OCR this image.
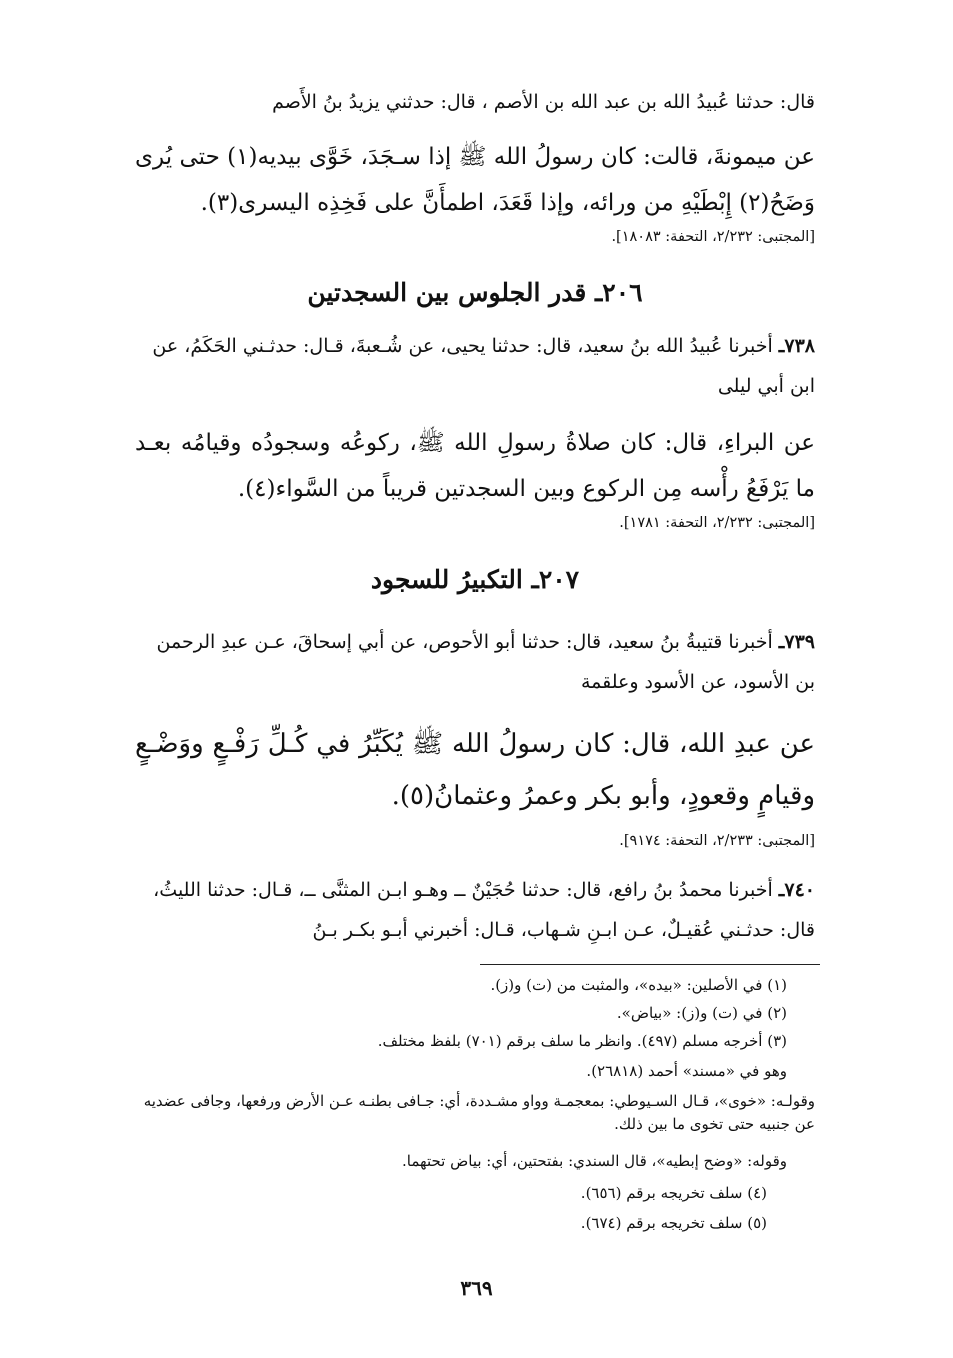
قال: حدثنا عُبيدُ الله بن عبد الله بن الأصم ، قال: حدثني يزيدُ بنُ الأَصم
عن ميمونةَ، قالت: كان رسولُ الله ﷺ إذا سـجَدَ، خَوَّى بيديه(١) حتى يُرى وَضَحُ(٢) إِبْطَيْهِ من ورائه، وإذا قَعَدَ، اطمأَنَّ على فَخِذِه اليسرى(٣).
[المجتبى: ٢/٢٣٢، التحفة: ١٨٠٨٣].
٢٠٦ـ قدر الجلوس بين السجدتين
٧٣٨ـ أخبرنا عُبيدُ الله بنُ سعيد، قال: حدثنا يحيى، عن شُـعبةَ، قـال: حدثـني الحَكَمُ، عن ابن أبي ليلى
عن البراءِ، قال: كان صلاةُ رسولِ الله ﷺ، ركوعُه وسجودُه وقيامُه بعـد ما يَرْفَعُ رأْسه مِن الركوع وبين السجدتين قريباً من السَّواء(٤).
[المجتبى: ٢/٢٣٢، التحفة: ١٧٨١].
٢٠٧ـ التكبيرُ للسجود
٧٣٩ـ أخبرنا قتيبةُ بنُ سعيد، قال: حدثنا أبو الأحوص، عن أبي إسحاقَ، عـن عبدِ الرحمن بن الأسود، عن الأسود وعلقمة
عن عبدِ الله، قال: كان رسولُ الله ﷺ يُكَبِّرُ في كُـلِّ رَفْـعٍ ووَضْـعٍ وقيامٍ وقعودٍ، وأبو بكر وعمرُ وعثمانُ(٥).
[المجتبى: ٢/٢٣٣، التحفة: ٩١٧٤].
٧٤٠ـ أخبرنا محمدُ بنُ رافع، قال: حدثنا حُجَيْنٌ ــ وهـو ابـن المثنَّى ــ، قـال: حدثنا الليثُ، قال: حدثـني عُقيـلٌ، عـن ابـنِ شـهاب، قـال: أخبرني أبـو بكـر بـنُ
(١) في الأصلين: «بيده»، والمثبت من (ت) و(ز).
(٢) في (ت) و(ز): «بياض».
(٣) أخرجه مسلم (٤٩٧). وانظر ما سلف برقم (٧٠١) بلفظ مختلف.
وهو في «مسند» أحمد (٢٦٨١٨).
وقولـه: «خوى»، قـال السـيوطي: بمعجمـة وواو مشـددة، أي: جـافى بطنـه عـن الأرض ورفعها، وجافى عضديه عن جنبيه حتى تخوى ما بين ذلك.
وقوله: «وضح إبطيه»، قال السندي: بفتحتين، أي: بياض تحتهما.
(٤) سلف تخريجه برقم (٦٥٦).
(٥) سلف تخريجه برقم (٦٧٤).
٣٦٩
